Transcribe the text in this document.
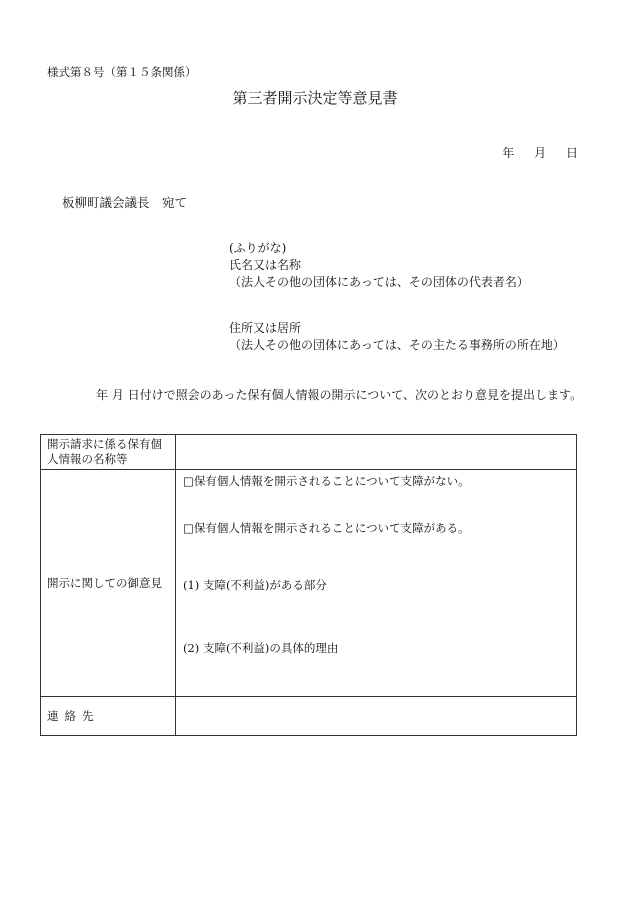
様式第８号（第１５条関係）
第三者開示決定等意見書
年 月 日
板柳町議会議長　宛て
(ふりがな)
氏名又は名称
（法人その他の団体にあっては、その団体の代表者名）
住所又は居所
（法人その他の団体にあっては、その主たる事務所の所在地）
年 月 日付けで照会のあった保有個人情報の開示について、次のとおり意見を提出します。
開示請求に係る保有個人情報の名称等	

開示に関しての御意見	□保有個人情報を開示されることについて支障がない。
□保有個人情報を開示されることについて支障がある。
(1) 支障(不利益)がある部分
(2) 支障(不利益)の具体的理由

連絡先	
